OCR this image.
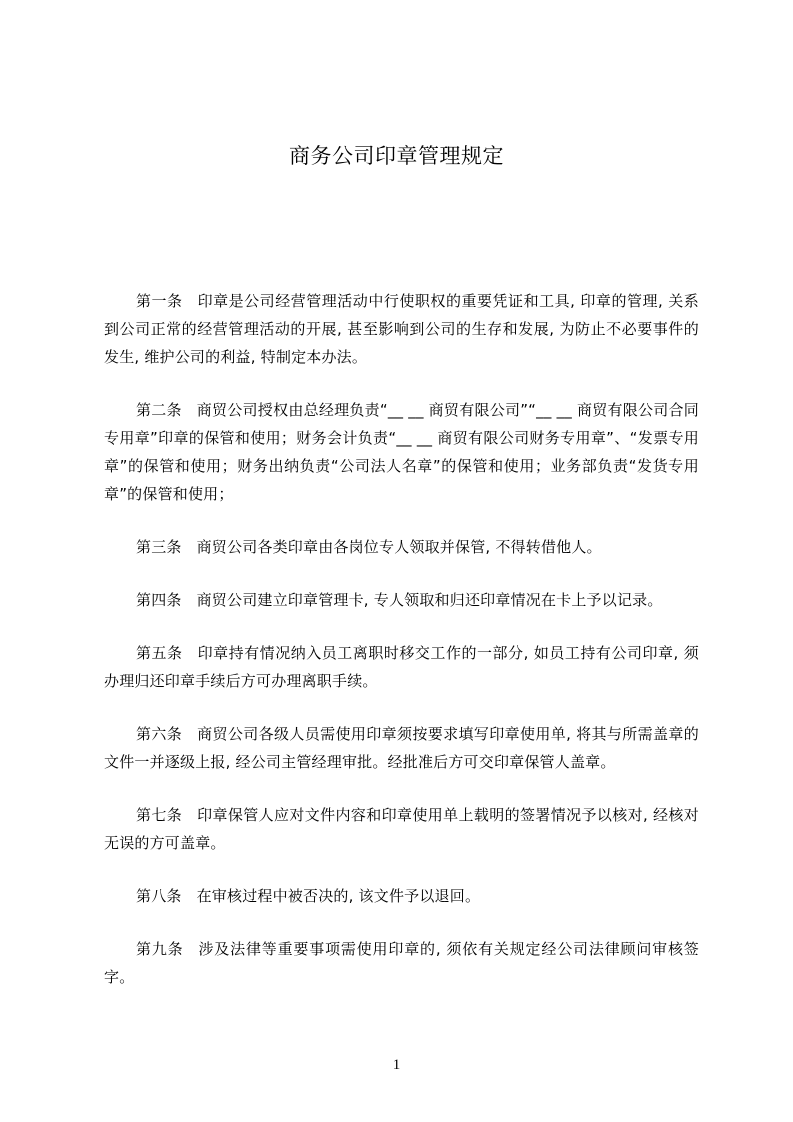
商务公司印章管理规定

第一条 印章是公司经营管理活动中行使职权的重要凭证和工具, 印章的管理, 关系到公司正常的经营管理活动的开展, 甚至影响到公司的生存和发展, 为防止不必要事件的发生, 维护公司的利益, 特制定本办法。

第二条 商贸公司授权由总经理负责“__ __ 商贸有限公司”“__ __ 商贸有限公司合同专用章”印章的保管和使用；财务会计负责“__ __ 商贸有限公司财务专用章”、“发票专用章”的保管和使用；财务出纳负责“公司法人名章”的保管和使用；业务部负责“发货专用章”的保管和使用；

第三条 商贸公司各类印章由各岗位专人领取并保管, 不得转借他人。

第四条 商贸公司建立印章管理卡, 专人领取和归还印章情况在卡上予以记录。

第五条 印章持有情况纳入员工离职时移交工作的一部分, 如员工持有公司印章, 须办理归还印章手续后方可办理离职手续。

第六条 商贸公司各级人员需使用印章须按要求填写印章使用单, 将其与所需盖章的文件一并逐级上报, 经公司主管经理审批。经批准后方可交印章保管人盖章。

第七条 印章保管人应对文件内容和印章使用单上载明的签署情况予以核对, 经核对无误的方可盖章。

第八条 在审核过程中被否决的, 该文件予以退回。

第九条 涉及法律等重要事项需使用印章的, 须依有关规定经公司法律顾问审核签字。

1
